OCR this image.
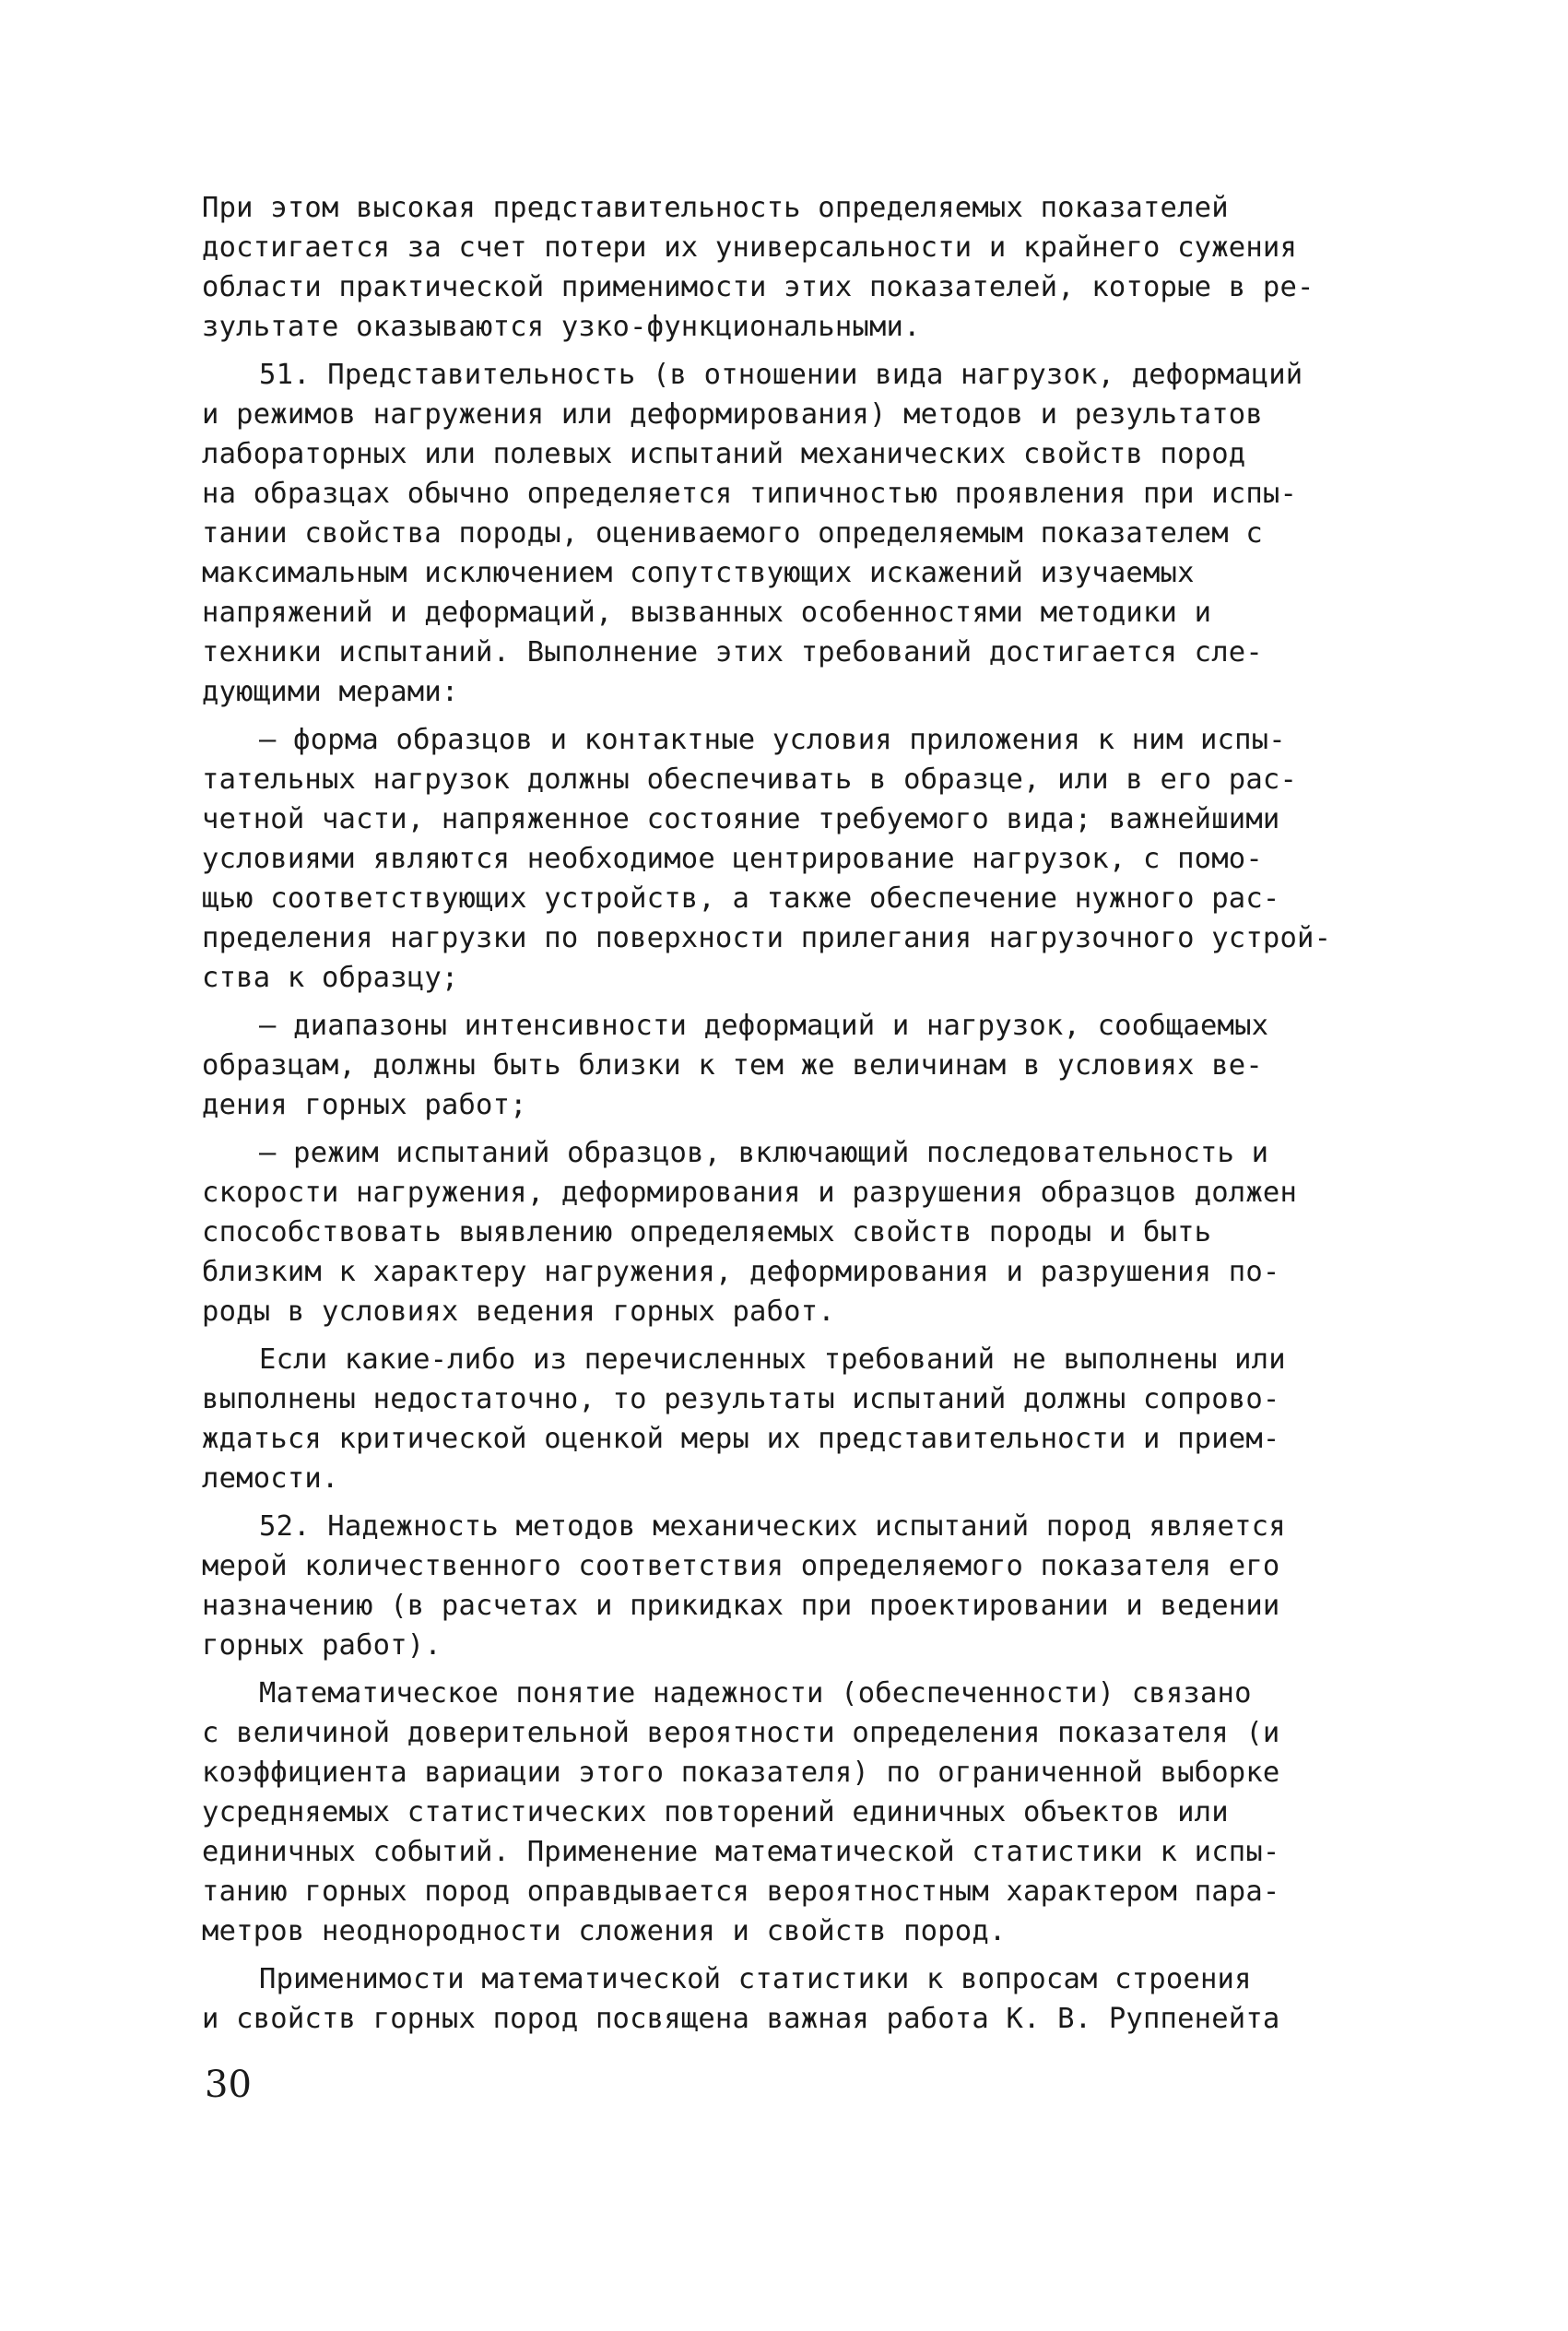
При этом высокая представительность определяемых показателей
достигается за счет потери их универсальности и крайнего сужения
области практической применимости этих показателей, которые в ре-
зультате оказываются узко-функциональными.
51. Представительность (в отношении вида нагрузок, деформаций
и режимов нагружения или деформирования) методов и результатов
лабораторных или полевых испытаний механических свойств пород
на образцах обычно определяется типичностью проявления при испы-
тании свойства породы, оцениваемого определяемым показателем с
максимальным исключением сопутствующих искажений изучаемых
напряжений и деформаций, вызванных особенностями методики и
техники испытаний. Выполнение этих требований достигается сле-
дующими мерами:
– форма образцов и контактные условия приложения к ним испы-
тательных нагрузок должны обеспечивать в образце, или в его рас-
четной части, напряженное состояние требуемого вида; важнейшими
условиями являются необходимое центрирование нагрузок, с помо-
щью соответствующих устройств, а также обеспечение нужного рас-
пределения нагрузки по поверхности прилегания нагрузочного устрой-
ства к образцу;
– диапазоны интенсивности деформаций и нагрузок, сообщаемых
образцам, должны быть близки к тем же величинам в условиях ве-
дения горных работ;
– режим испытаний образцов, включающий последовательность и
скорости нагружения, деформирования и разрушения образцов должен
способствовать выявлению определяемых свойств породы и быть
близким к характеру нагружения, деформирования и разрушения по-
роды в условиях ведения горных работ.
Если какие-либо из перечисленных требований не выполнены или
выполнены недостаточно, то результаты испытаний должны сопрово-
ждаться критической оценкой меры их представительности и прием-
лемости.
52. Надежность методов механических испытаний пород является
мерой количественного соответствия определяемого показателя его
назначению (в расчетах и прикидках при проектировании и ведении
горных работ).
Математическое понятие надежности (обеспеченности) связано
с величиной доверительной вероятности определения показателя (и
коэффициента вариации этого показателя) по ограниченной выборке
усредняемых статистических повторений единичных объектов или
единичных событий. Применение математической статистики к испы-
танию горных пород оправдывается вероятностным характером пара-
метров неоднородности сложения и свойств пород.
Применимости математической статистики к вопросам строения
и свойств горных пород посвящена важная работа К. В. Руппенейта
30
